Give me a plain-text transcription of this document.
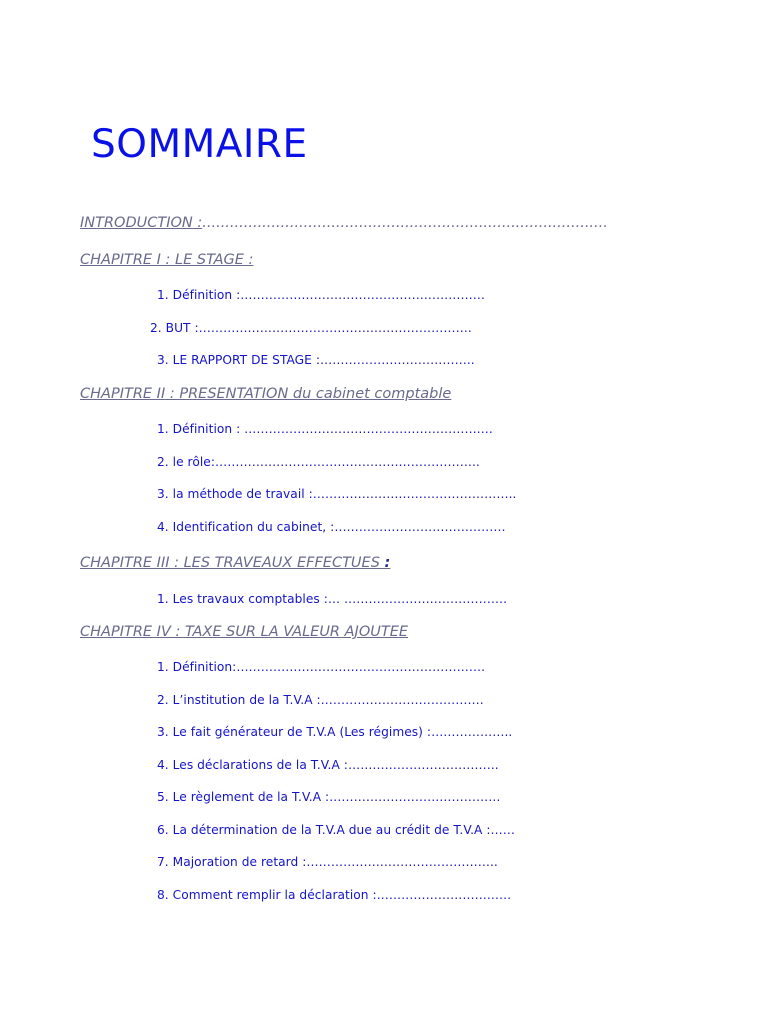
SOMMAIRE
INTRODUCTION :........................................................................................
CHAPITRE I : LE STAGE :
1. Définition :……………………………………………………
2. BUT :………………………………………………………….
3. LE RAPPORT DE STAGE :………………………………..
CHAPITRE II : PRESENTATION du cabinet comptable
1. Définition : …………………………………………………….
2. le rôle:………………………………………………………..
3. la méthode de travail :…………………………………………..
4. Identification du cabinet, :……………………………………
CHAPITRE III : LES TRAVEAUX EFFECTUES :
1. Les travaux comptables :… ………………………………….
CHAPITRE IV : TAXE SUR LA VALEUR AJOUTEE
1. Définition:…………………………………………………….
2. L’institution de la T.V.A :………………………………….
3. Le fait générateur de T.V.A (Les régimes) :………………..
4. Les déclarations de la T.V.A :……………………………….
5. Le règlement de la T.V.A :……………………………………
6. La détermination de la T.V.A due au crédit de T.V.A :……
7. Majoration de retard :………………………………………..
8. Comment remplir la déclaration :……………………………
